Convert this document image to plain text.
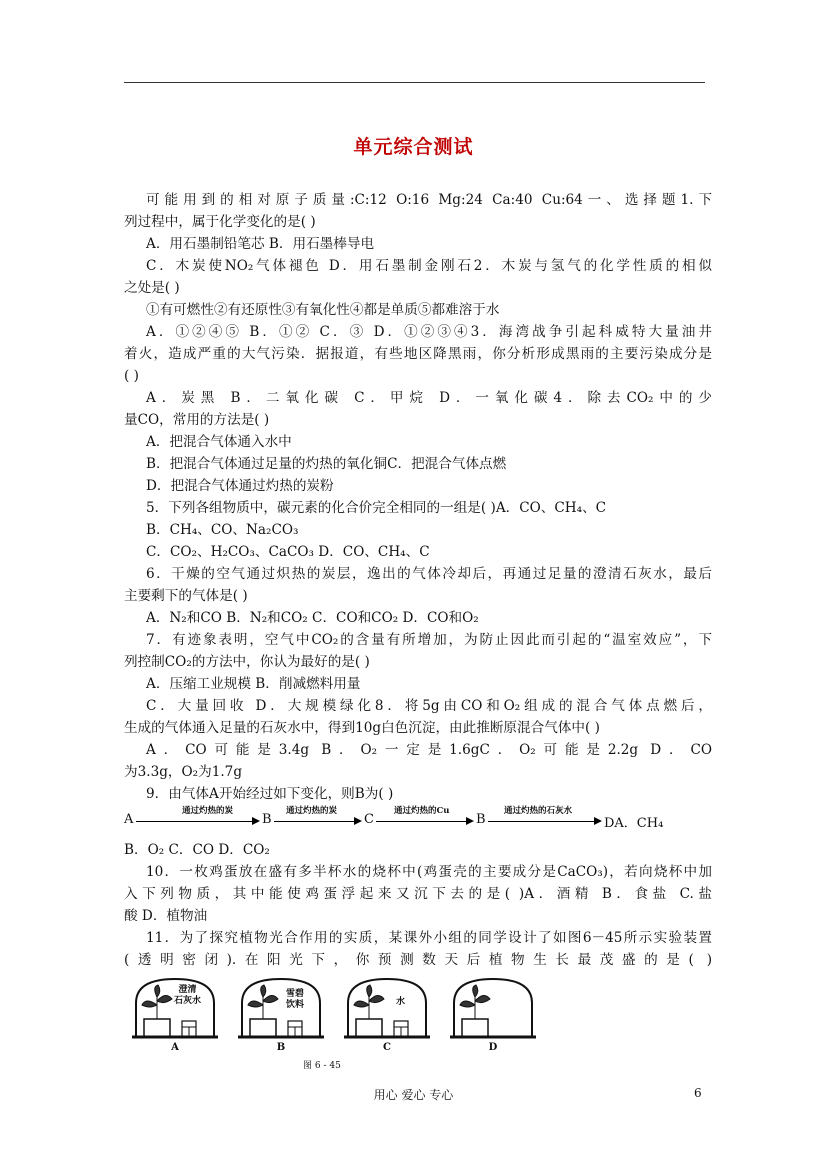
单元综合测试
可能用到的相对原子质量:C:12 O:16 Mg:24 Ca:40 Cu:64一、选择题1.下
列过程中，属于化学变化的是( )
A．用石墨制铅笔芯 B．用石墨棒导电
C．木炭使NO₂气体褪色 D．用石墨制金刚石2．木炭与氢气的化学性质的相似
之处是( )
①有可燃性②有还原性③有氧化性④都是单质⑤都难溶于水
A．①②④⑤ B．①② C．③ D．①②③④3．海湾战争引起科威特大量油井
着火，造成严重的大气污染．据报道，有些地区降黑雨，你分析形成黑雨的主要污染成分是
( )
A．炭黑 B．二氧化碳 C．甲烷 D．一氧化碳4．除去CO₂中的少
量CO，常用的方法是( )
A．把混合气体通入水中
B．把混合气体通过足量的灼热的氧化铜C．把混合气体点燃
D．把混合气体通过灼热的炭粉
5．下列各组物质中，碳元素的化合价完全相同的一组是( )A．CO、CH₄、C
B．CH₄、CO、Na₂CO₃
C．CO₂、H₂CO₃、CaCO₃ D．CO、CH₄、C
6．干燥的空气通过炽热的炭层，逸出的气体冷却后，再通过足量的澄清石灰水，最后
主要剩下的气体是( )
A．N₂和CO B．N₂和CO₂ C．CO和CO₂ D．CO和O₂
7．有迹象表明，空气中CO₂的含量有所增加，为防止因此而引起的“温室效应”，下
列控制CO₂的方法中，你认为最好的是( )
A．压缩工业规模 B．削减燃料用量
C．大量回收 D．大规模绿化8．将5g由CO和O₂组成的混合气体点燃后，
生成的气体通入足量的石灰水中，得到10g白色沉淀，由此推断原混合气体中( )
A．CO可能是3.4g B．O₂一定是1.6gC．O₂可能是2.2g D．CO
为3.3g，O₂为1.7g
9．由气体A开始经过如下变化，则B为( )
A
通过灼热的炭
B
通过灼热的炭
C
通过灼热的Cu
B
通过灼热的石灰水
DA．CH₄
B．O₂ C．CO D．CO₂
10．一枚鸡蛋放在盛有多半杯水的烧杯中(鸡蛋壳的主要成分是CaCO₃)，若向烧杯中加
入下列物质，其中能使鸡蛋浮起来又沉下去的是( )A．酒精 B．食盐 C.盐
酸 D．植物油
11．为了探究植物光合作用的实质，某课外小组的同学设计了如图6－45所示实验装置
(透明密闭).在阳光下，你预测数天后植物生长最茂盛的是( )
澄清
石灰水
A
雪碧
饮料
B
水
C	D
图 6 - 45
用心 爱心 专心	6
